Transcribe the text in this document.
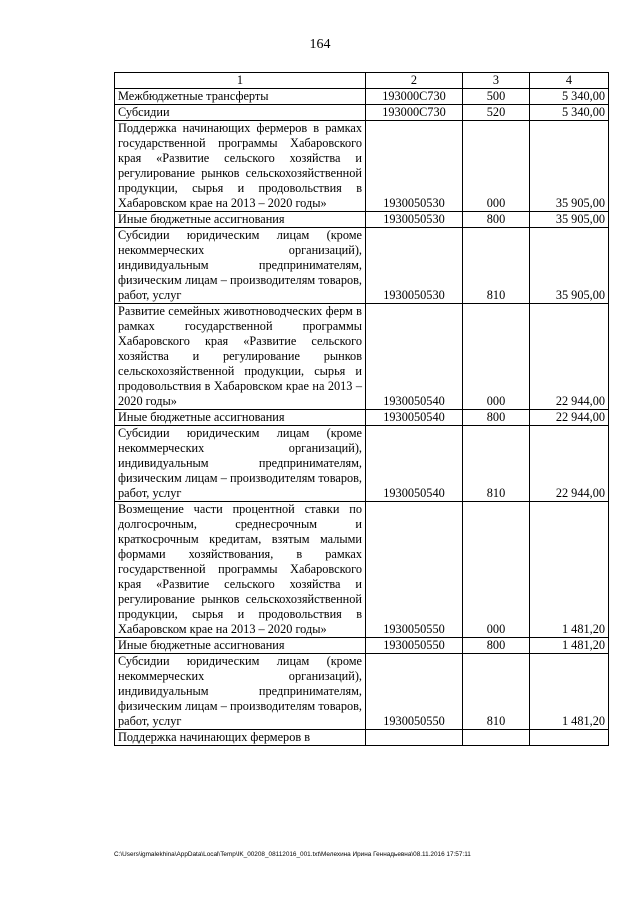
164
1	2	3	4
Межбюджетные трансферты	193000С730	500	5 340,00
Субсидии	193000С730	520	5 340,00
Поддержка начинающих фермеров в рамках государственной программы Хабаровского края «Развитие сельского хозяйства и регулирование рынков сельскохозяйственной продукции, сырья и продовольствия в Хабаровском крае на 2013 – 2020 годы»	1930050530	000	35 905,00
Иные бюджетные ассигнования	1930050530	800	35 905,00
Субсидии юридическим лицам (кроме некоммерческих организаций), индивидуальным предпринимателям, физическим лицам – производителям товаров, работ, услуг	1930050530	810	35 905,00
Развитие семейных животноводческих ферм в рамках государственной программы Хабаровского края «Развитие сельского хозяйства и регулирование рынков сельскохозяйственной продукции, сырья и продовольствия в Хабаровском крае на 2013 – 2020 годы»	1930050540	000	22 944,00
Иные бюджетные ассигнования	1930050540	800	22 944,00
Субсидии юридическим лицам (кроме некоммерческих организаций), индивидуальным предпринимателям, физическим лицам – производителям товаров, работ, услуг	1930050540	810	22 944,00
Возмещение части процентной ставки по долгосрочным, среднесрочным и краткосрочным кредитам, взятым малыми формами хозяйствования, в рамках государственной программы Хабаровского края «Развитие сельского хозяйства и регулирование рынков сельскохозяйственной продукции, сырья и продовольствия в Хабаровском крае на 2013 – 2020 годы»	1930050550	000	1 481,20
Иные бюджетные ассигнования	1930050550	800	1 481,20
Субсидии юридическим лицам (кроме некоммерческих организаций), индивидуальным предпринимателям, физическим лицам – производителям товаров, работ, услуг	1930050550	810	1 481,20
Поддержка начинающих фермеров в			
C:\Users\igmalekhina\AppData\Local\Temp\IK_00208_08112016_001.txt\Мелехина Ирина Геннадьевна\08.11.2016 17:57:11
